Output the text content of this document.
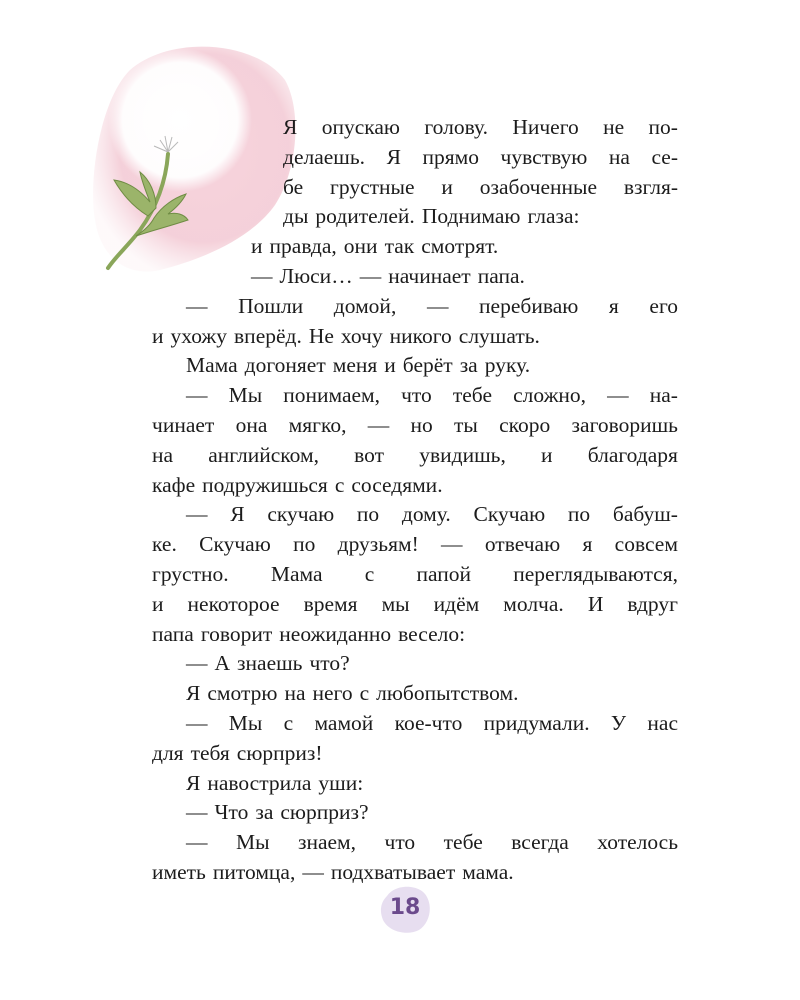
Я опускаю голову. Ничего не по-
делаешь. Я прямо чувствую на се-
бе грустные и озабоченные взгля-
ды родителей. Поднимаю глаза:
и правда, они так смотрят.
— Люси… — начинает папа.
— Пошли домой, — перебиваю я его
и ухожу вперёд. Не хочу никого слушать.
Мама догоняет меня и берёт за руку.
— Мы понимаем, что тебе сложно, — на-
чинает она мягко, — но ты скоро заговоришь
на английском, вот увидишь, и благодаря
кафе подружишься с соседями.
— Я скучаю по дому. Скучаю по бабуш-
ке. Скучаю по друзьям! — отвечаю я совсем
грустно. Мама с папой переглядываются,
и некоторое время мы идём молча. И вдруг
папа говорит неожиданно весело:
— А знаешь что?
Я смотрю на него с любопытством.
— Мы с мамой кое-что придумали. У нас
для тебя сюрприз!
Я навострила уши:
— Что за сюрприз?
— Мы знаем, что тебе всегда хотелось
иметь питомца, — подхватывает мама.
18
